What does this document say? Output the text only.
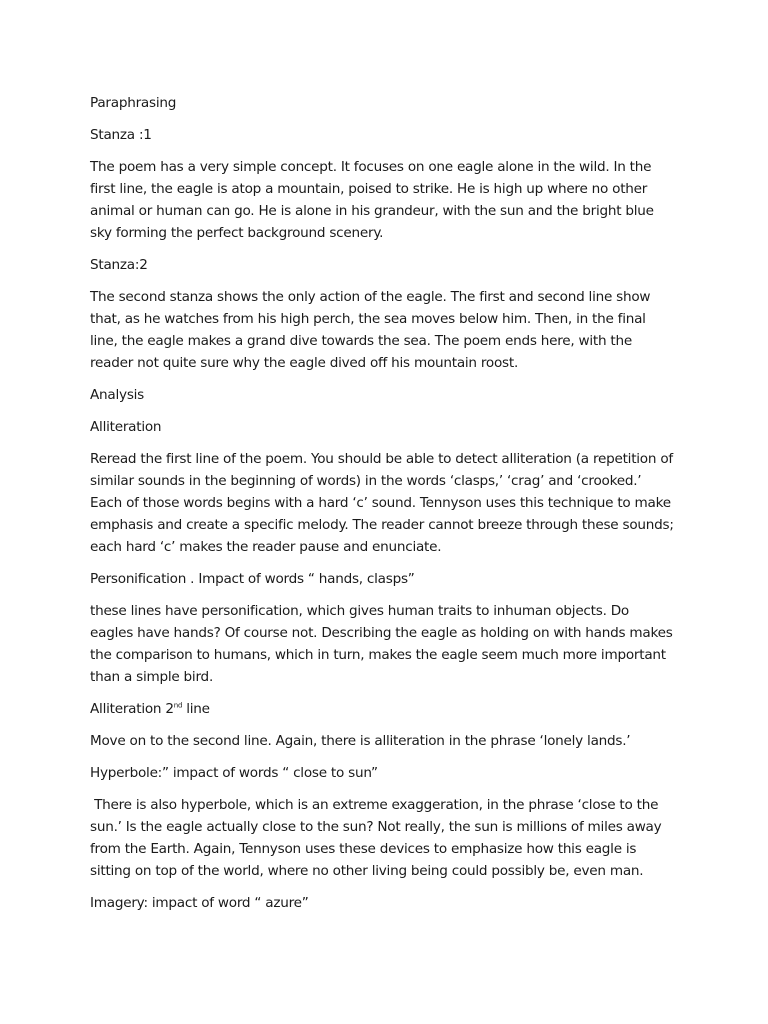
Paraphrasing

Stanza :1

The poem has a very simple concept. It focuses on one eagle alone in the wild. In the first line, the eagle is atop a mountain, poised to strike. He is high up where no other animal or human can go. He is alone in his grandeur, with the sun and the bright blue sky forming the perfect background scenery.

Stanza:2

The second stanza shows the only action of the eagle. The first and second line show that, as he watches from his high perch, the sea moves below him. Then, in the final line, the eagle makes a grand dive towards the sea. The poem ends here, with the reader not quite sure why the eagle dived off his mountain roost.

Analysis

Alliteration

Reread the first line of the poem. You should be able to detect alliteration (a repetition of similar sounds in the beginning of words) in the words ‘clasps,’ ‘crag’ and ‘crooked.’ Each of those words begins with a hard ‘c’ sound. Tennyson uses this technique to make emphasis and create a specific melody. The reader cannot breeze through these sounds; each hard ‘c’ makes the reader pause and enunciate.

Personification . Impact of words “ hands, clasps”

these lines have personification, which gives human traits to inhuman objects. Do eagles have hands? Of course not. Describing the eagle as holding on with hands makes the comparison to humans, which in turn, makes the eagle seem much more important than a simple bird.

Alliteration 2nd line

Move on to the second line. Again, there is alliteration in the phrase ‘lonely lands.’

Hyperbole:” impact of words “ close to sun”

There is also hyperbole, which is an extreme exaggeration, in the phrase ‘close to the sun.’ Is the eagle actually close to the sun? Not really, the sun is millions of miles away from the Earth. Again, Tennyson uses these devices to emphasize how this eagle is sitting on top of the world, where no other living being could possibly be, even man.

Imagery: impact of word “ azure”
